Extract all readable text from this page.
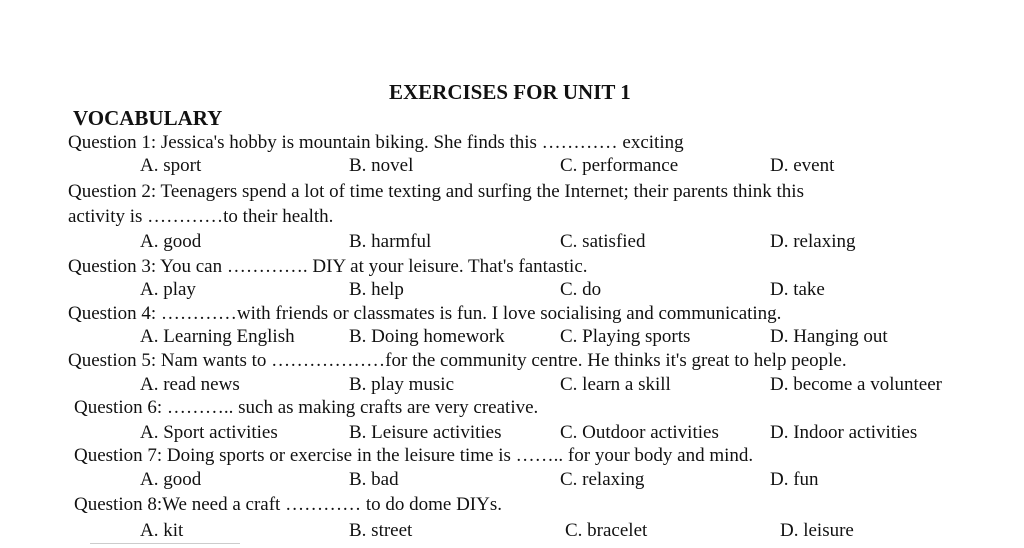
EXERCISES FOR UNIT 1
VOCABULARY
Question 1: Jessica's hobby is mountain biking. She finds this ………… exciting
A. sport	B. novel	C. performance	D. event
Question 2: Teenagers spend a lot of time texting and surfing the Internet; their parents think this
activity is …………to their health.
A. good	B. harmful	C. satisfied	D. relaxing
Question 3: You can …………. DIY at your leisure. That's fantastic.
A. play	B. help	C. do	D. take
Question 4: …………with friends or classmates is fun. I love socialising and communicating.
A. Learning English	B. Doing homework	C. Playing sports	D. Hanging out
Question 5: Nam wants to ………………for the community centre. He thinks it's great to help people.
A. read news	B. play music	C. learn a skill	D. become a volunteer
Question 6: ……….. such as making crafts are very creative.
A. Sport activities	B. Leisure activities	C. Outdoor activities	D. Indoor activities
Question 7: Doing sports or exercise in the leisure time is …….. for your body and mind.
A. good	B. bad	C. relaxing	D. fun
Question 8:We need a craft ………… to do dome DIYs.
A. kit	B. street	C. bracelet	D. leisure
